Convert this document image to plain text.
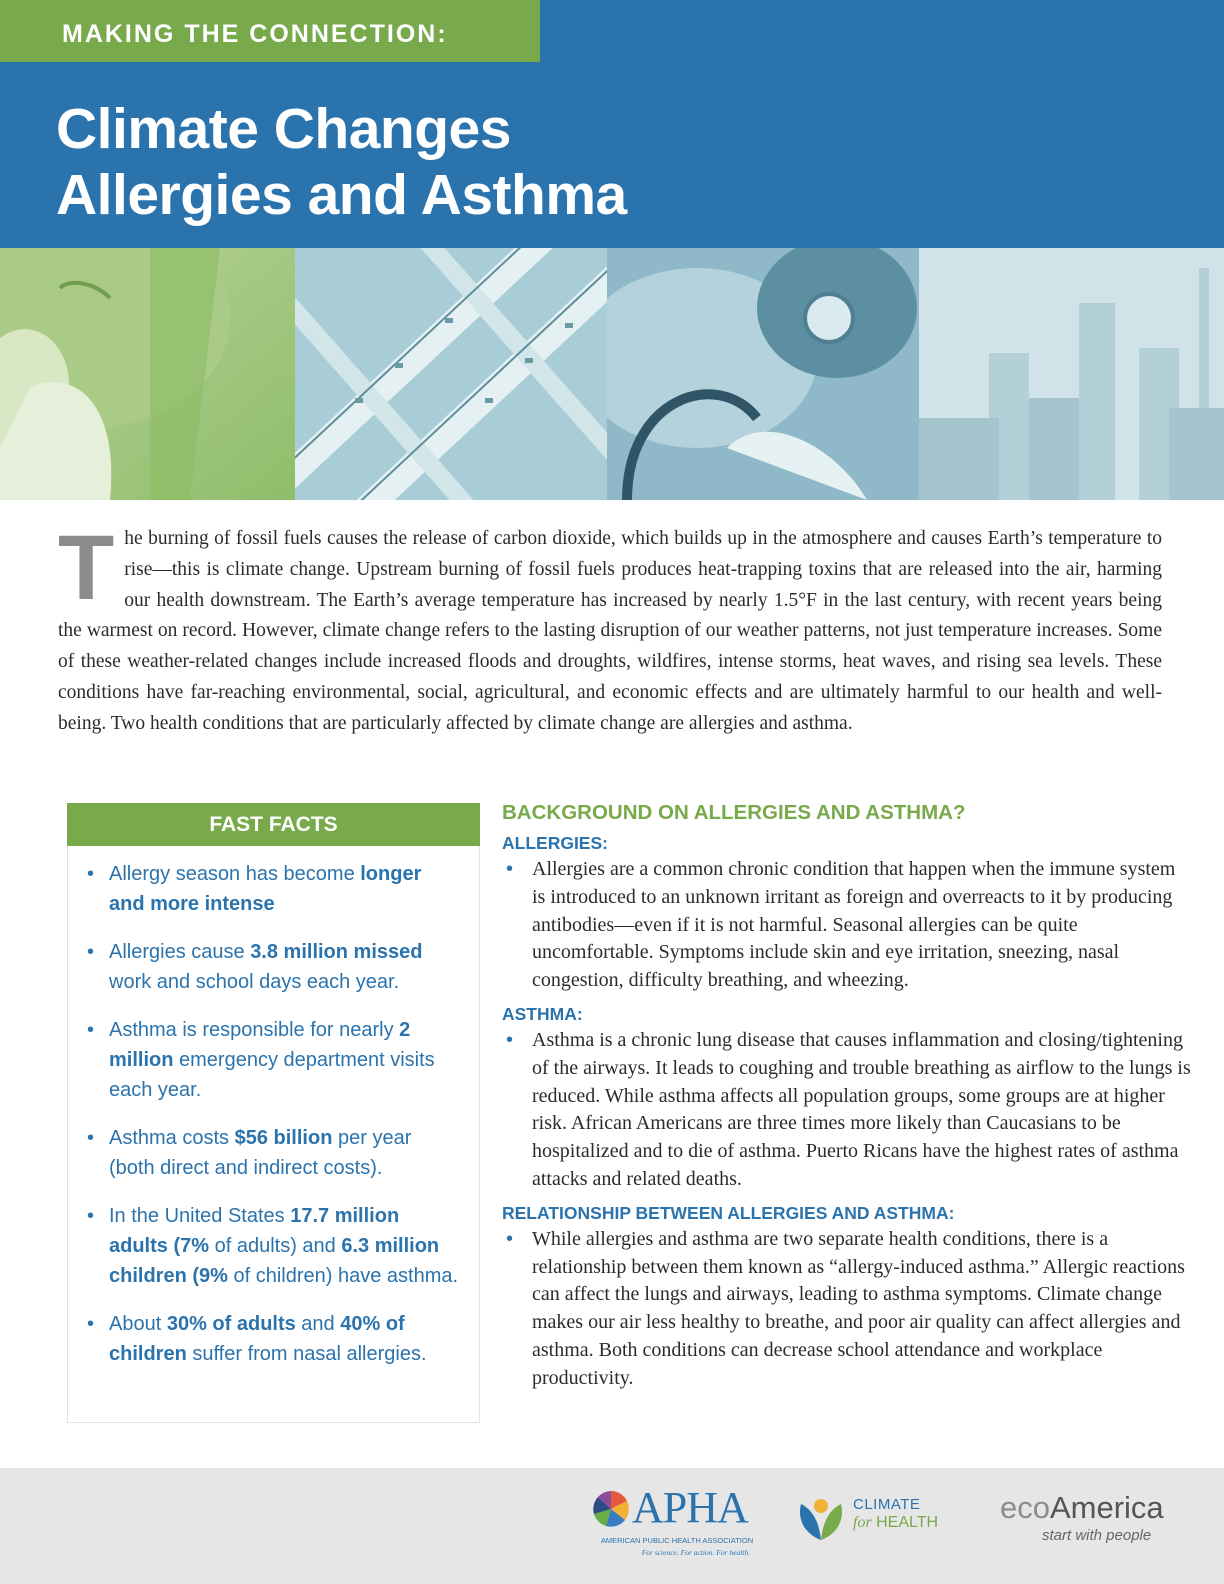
MAKING THE CONNECTION:
Climate Changes
Allergies and Asthma
The burning of fossil fuels causes the release of carbon dioxide, which builds up in the atmosphere and causes Earth’s temperature to rise—this is climate change. Upstream burning of fossil fuels produces heat-trapping toxins that are released into the air, harming our health downstream. The Earth’s average temperature has increased by nearly 1.5°F in the last century, with recent years being the warmest on record. However, climate change refers to the lasting disruption of our weather patterns, not just temperature increases. Some of these weather-related changes include increased floods and droughts, wildfires, intense storms, heat waves, and rising sea levels. These conditions have far-reaching environmental, social, agricultural, and economic effects and are ultimately harmful to our health and well-being. Two health conditions that are particularly affected by climate change are allergies and asthma.
FAST FACTS
• Allergy season has become longer and more intense
• Allergies cause 3.8 million missed work and school days each year.
• Asthma is responsible for nearly 2 million emergency department visits each year.
• Asthma costs $56 billion per year (both direct and indirect costs).
• In the United States 17.7 million adults (7% of adults) and 6.3 million children (9% of children) have asthma.
• About 30% of adults and 40% of children suffer from nasal allergies.
BACKGROUND ON ALLERGIES AND ASTHMA?
ALLERGIES:
• Allergies are a common chronic condition that happen when the immune system is introduced to an unknown irritant as foreign and overreacts to it by producing antibodies—even if it is not harmful. Seasonal allergies can be quite uncomfortable. Symptoms include skin and eye irritation, sneezing, nasal congestion, difficulty breathing, and wheezing.
ASTHMA:
• Asthma is a chronic lung disease that causes inflammation and closing/tightening of the airways. It leads to coughing and trouble breathing as airflow to the lungs is reduced. While asthma affects all population groups, some groups are at higher risk. African Americans are three times more likely than Caucasians to be hospitalized and to die of asthma. Puerto Ricans have the highest rates of asthma attacks and related deaths.
RELATIONSHIP BETWEEN ALLERGIES AND ASTHMA:
• While allergies and asthma are two separate health conditions, there is a relationship between them known as “allergy-induced asthma.” Allergic reactions can affect the lungs and airways, leading to asthma symptoms. Climate change makes our air less healthy to breathe, and poor air quality can affect allergies and asthma. Both conditions can decrease school attendance and workplace productivity.
APHA
AMERICAN PUBLIC HEALTH ASSOCIATION
For science. For action. For health.
CLIMATE
for HEALTH ecoAmerica
start with people
